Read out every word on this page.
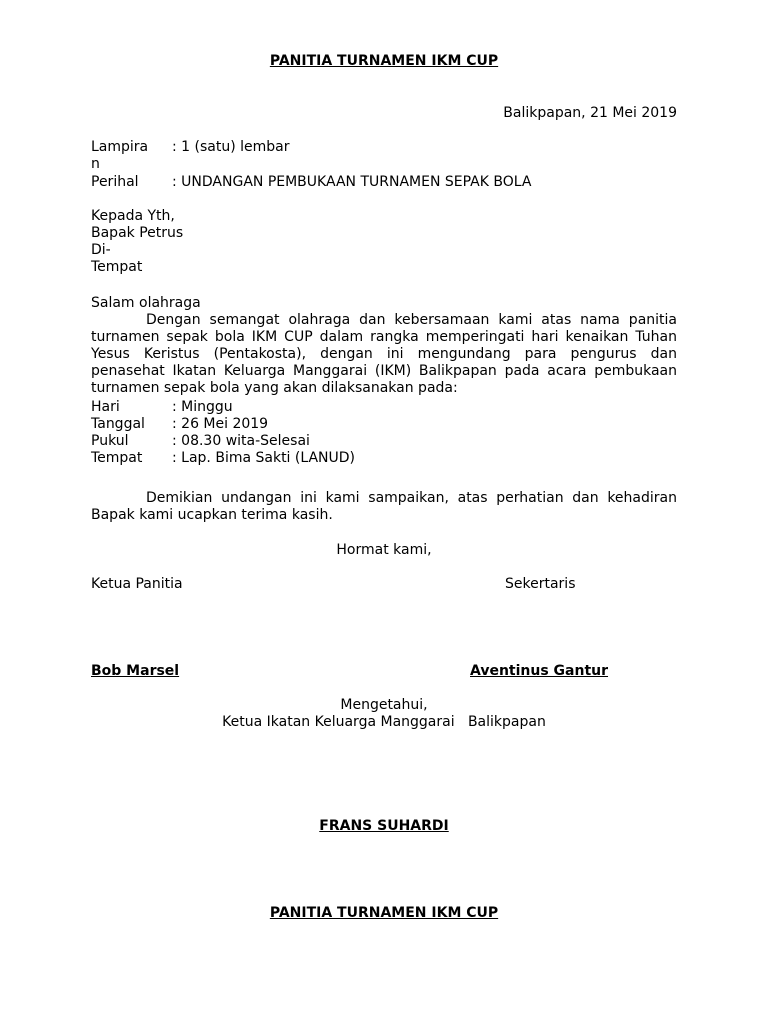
PANITIA TURNAMEN IKM CUP
Balikpapan, 21 Mei 2019
Lampira
n
: 1 (satu) lembar
Perihal : UNDANGAN PEMBUKAAN TURNAMEN SEPAK BOLA
Kepada Yth,
Bapak Petrus
Di-
Tempat
Salam olahraga

Dengan semangat olahraga dan kebersamaan kami atas nama panitia turnamen sepak bola IKM CUP dalam rangka memperingati hari kenaikan Tuhan Yesus Keristus (Pentakosta), dengan ini mengundang para pengurus dan penasehat Ikatan Keluarga Manggarai (IKM) Balikpapan pada acara pembukaan turnamen sepak bola yang akan dilaksanakan pada:

Hari	: Minggu
Tanggal : 26 Mei 2019
Pukul	: 08.30 wita-Selesai
Tempat : Lap. Bima Sakti (LANUD)

Demikian undangan ini kami sampaikan, atas perhatian dan kehadiran Bapak kami ucapkan terima kasih.

Hormat kami,
Ketua Panitia	Sekertaris
Bob Marsel	Aventinus Gantur
Mengetahui,
Ketua Ikatan Keluarga Manggarai   Balikpapan
FRANS SUHARDI
PANITIA TURNAMEN IKM CUP
